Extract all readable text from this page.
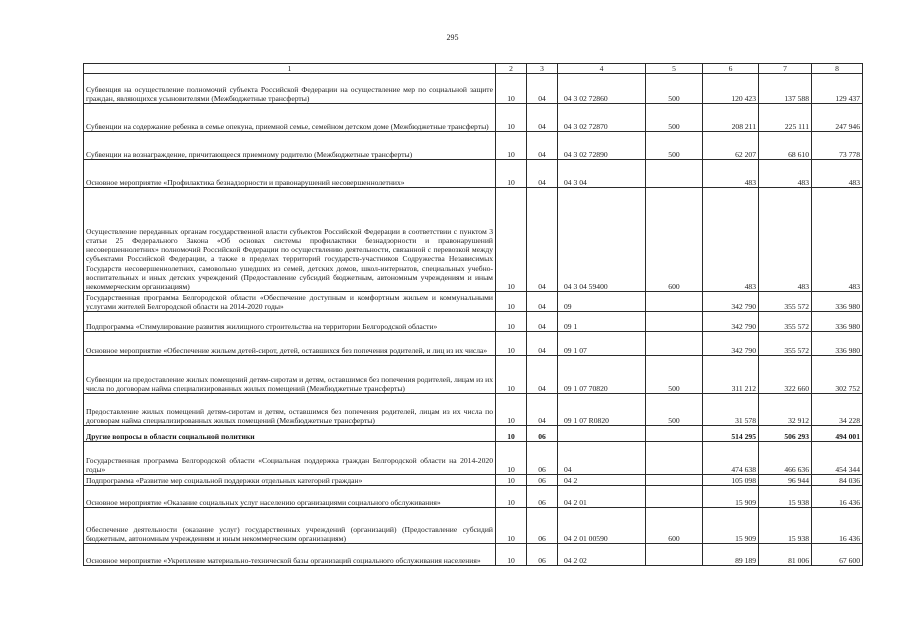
295
1	2	3	4	5	6	7	8
Субвенция на осуществление полномочий субъекта Российской Федерации на осуществление мер по социальной защите граждан, являющихся усыновителями (Межбюджетные трансферты)	10	04	04 3 02 72860	500	120 423	137 588	129 437
Субвенции на содержание ребенка в семье опекуна, приемной семье, семейном детском доме (Межбюджетные трансферты)	10	04	04 3 02 72870	500	208 211	225 111	247 946
Субвенции на вознаграждение, причитающееся приемному родителю (Межбюджетные трансферты)	10	04	04 3 02 72890	500	62 207	68 610	73 778
Основное мероприятие «Профилактика безнадзорности и правонарушений несовершеннолетних»	10	04	04 3 04		483	483	483
Осуществление переданных органам государственной власти субъектов Российской Федерации в соответствии с пунктом 3 статьи 25 Федерального Закона «Об основах системы профилактики безнадзорности и правонарушений несовершеннолетних» полномочий Российской Федерации по осуществлению деятельности, связанной с перевозкой между субъектами Российской Федерации, а также в пределах территорий государств-участников Содружества Независимых Государств несовершеннолетних, самовольно ушедших из семей, детских домов, школ-интернатов, специальных учебно-воспитательных и иных детских учреждений (Предоставление субсидий бюджетным, автономным учреждениям и иным некоммерческим организациям)	10	04	04 3 04 59400	600	483	483	483
Государственная программа Белгородской области «Обеспечение доступным и комфортным жильем и коммунальными услугами жителей Белгородской области на 2014-2020 годы»	10	04	09		342 790	355 572	336 980
Подпрограмма «Стимулирование развития жилищного строительства на территории Белгородской области»	10	04	09 1		342 790	355 572	336 980
Основное мероприятие «Обеспечение жильем детей-сирот, детей, оставшихся без попечения родителей, и лиц из их числа»	10	04	09 1 07		342 790	355 572	336 980
Субвенции на предоставление жилых помещений детям-сиротам и детям, оставшимся без попечения родителей, лицам из их числа по договорам найма специализированных жилых помещений (Межбюджетные трансферты)	10	04	09 1 07 70820	500	311 212	322 660	302 752
Предоставление жилых помещений детям-сиротам и детям, оставшимся без попечения родителей, лицам из их числа по договорам найма специализированных жилых помещений (Межбюджетные трансферты)	10	04	09 1 07 R0820	500	31 578	32 912	34 228
Другие вопросы в области социальной политики	10	06			514 295	506 293	494 001
Государственная программа Белгородской области «Социальная поддержка граждан Белгородской области на 2014-2020 годы»	10	06	04		474 638	466 636	454 344
Подпрограмма «Развитие мер социальной поддержки отдельных категорий граждан»	10	06	04 2		105 098	96 944	84 036
Основное мероприятие «Оказание социальных услуг населению организациями социального обслуживания»	10	06	04 2 01		15 909	15 938	16 436
Обеспечение деятельности (оказание услуг) государственных учреждений (организаций) (Предоставление субсидий бюджетным, автономным учреждениям и иным некоммерческим организациям)	10	06	04 2 01 00590	600	15 909	15 938	16 436
Основное мероприятие «Укрепление материально-технической базы организаций социального обслуживания населения»	10	06	04 2 02		89 189	81 006	67 600
